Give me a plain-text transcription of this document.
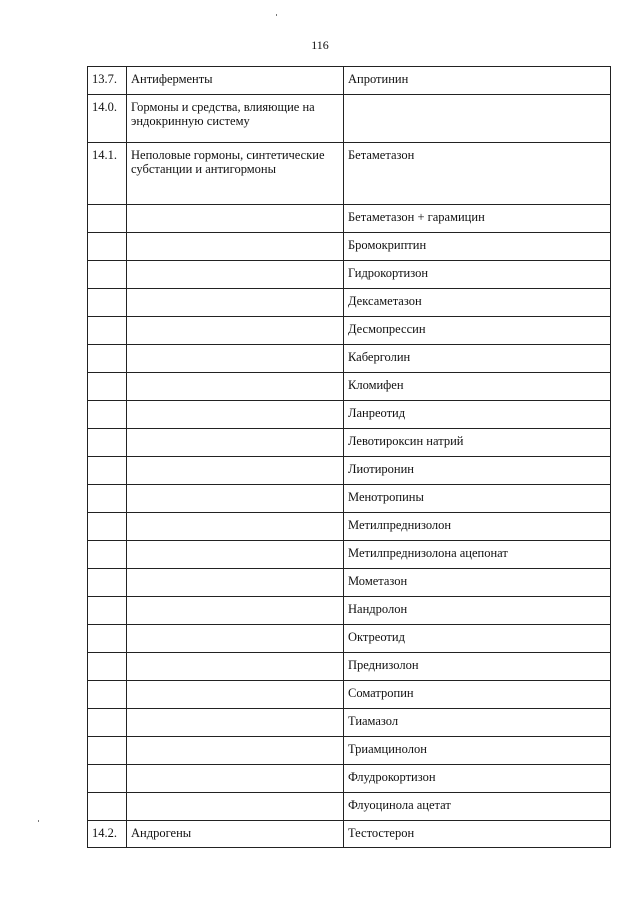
116
13.7.	Антиферменты	Апротинин
14.0.	Гормоны и средства, влияющие на эндокринную систему	
14.1.	Неполовые гормоны, синтетические субстанции и антигормоны	Бетаметазон
		Бетаметазон + гарамицин
		Бромокриптин
		Гидрокортизон
		Дексаметазон
		Десмопрессин
		Каберголин
		Кломифен
		Ланреотид
		Левотироксин натрий
		Лиотиронин
		Менотропины
		Метилпреднизолон
		Метилпреднизолона ацепонат
		Мометазон
		Нандролон
		Октреотид
		Преднизолон
		Соматропин
		Тиамазол
		Триамцинолон
		Флудрокортизон
		Флуоцинола ацетат
14.2.	Андрогены	Тестостерон
